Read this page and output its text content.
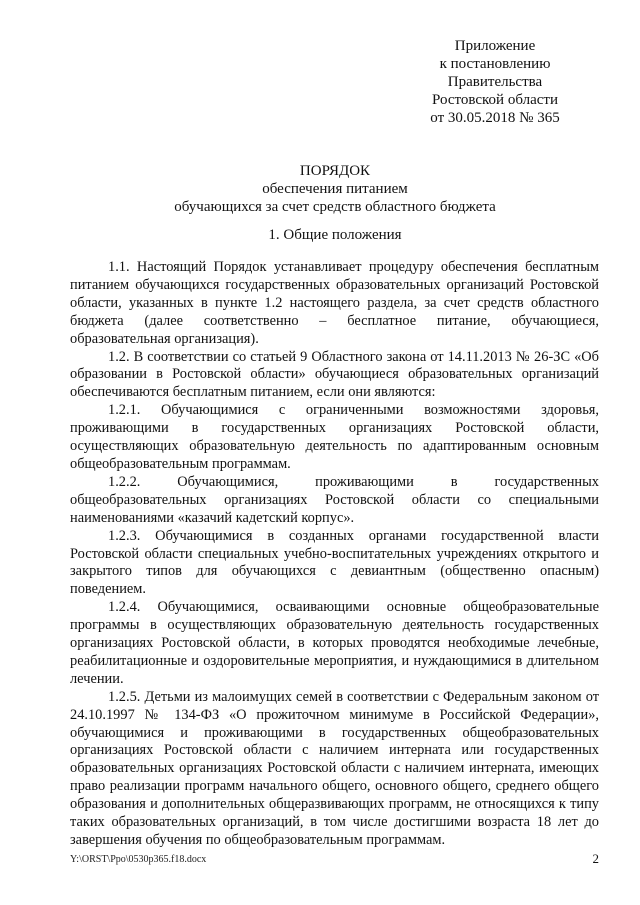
Приложение
к постановлению
Правительства
Ростовской области
от 30.05.2018 № 365
ПОРЯДОК
обеспечения питанием
обучающихся за счет средств областного бюджета
1. Общие положения

1.1. Настоящий Порядок устанавливает процедуру обеспечения бесплатным питанием обучающихся государственных образовательных организаций Ростовской области, указанных в пункте 1.2 настоящего раздела, за счет средств областного бюджета (далее соответственно – бесплатное питание, обучающиеся, образовательная организация).

1.2. В соответствии со статьей 9 Областного закона от 14.11.2013 № 26-ЗС «Об образовании в Ростовской области» обучающиеся образовательных организаций обеспечиваются бесплатным питанием, если они являются:

1.2.1. Обучающимися с ограниченными возможностями здоровья, проживающими в государственных организациях Ростовской области, осуществляющих образовательную деятельность по адаптированным основным общеобразовательным программам.

1.2.2. Обучающимися, проживающими в государственных общеобразовательных организациях Ростовской области со специальными наименованиями «казачий кадетский корпус».

1.2.3. Обучающимися в созданных органами государственной власти Ростовской области специальных учебно-воспитательных учреждениях открытого и закрытого типов для обучающихся с девиантным (общественно опасным) поведением.

1.2.4. Обучающимися, осваивающими основные общеобразовательные программы в осуществляющих образовательную деятельность государственных организациях Ростовской области, в которых проводятся необходимые лечебные, реабилитационные и оздоровительные мероприятия, и нуждающимися в длительном лечении.

1.2.5. Детьми из малоимущих семей в соответствии с Федеральным законом от 24.10.1997 № 134-ФЗ «О прожиточном минимуме в Российской Федерации», обучающимися и проживающими в государственных общеобразовательных организациях Ростовской области с наличием интерната или государственных образовательных организациях Ростовской области с наличием интерната, имеющих право реализации программ начального общего, основного общего, среднего общего образования и дополнительных общеразвивающих программ, не относящихся к типу таких образовательных организаций, в том числе достигшими возраста 18 лет до завершения обучения по общеобразовательным программам.

Y:\ORST\Ppo\0530p365.f18.docx	2
